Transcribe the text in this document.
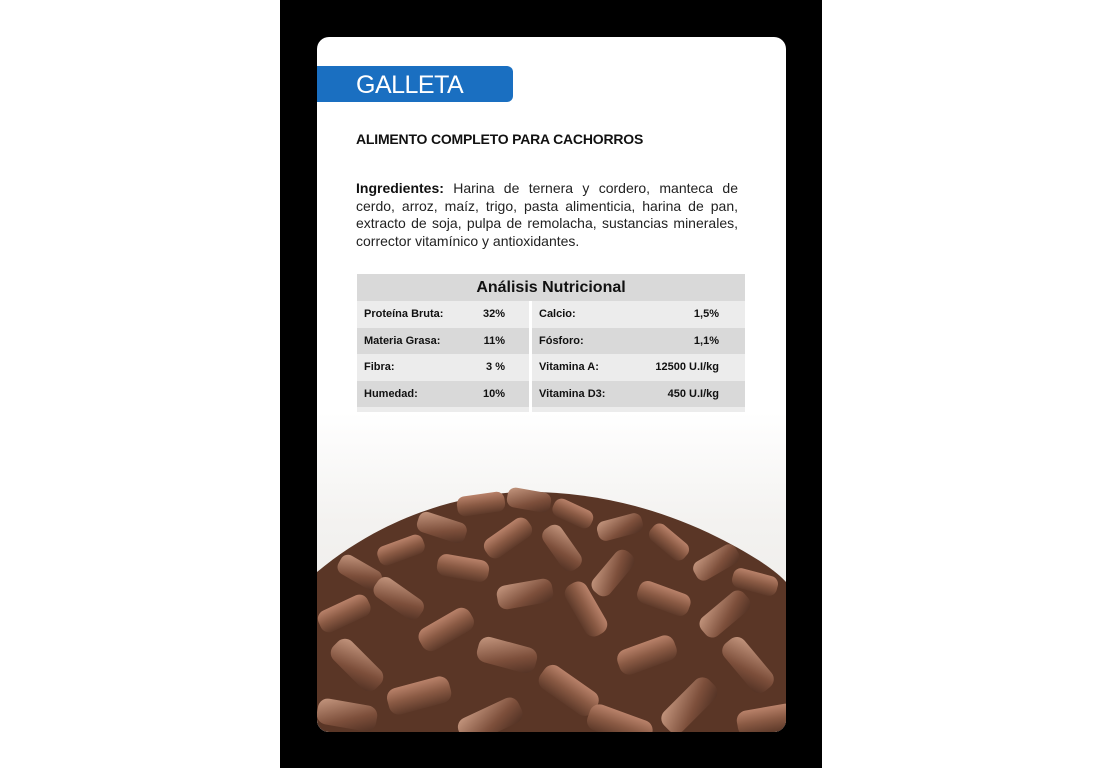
GALLETA PLUS
ALIMENTO COMPLETO PARA CACHORROS
Ingredientes: Harina de ternera y cordero, manteca de cerdo, arroz, maíz, trigo, pasta alimenticia, harina de pan, extracto de soja, pulpa de remolacha, sustancias minerales, corrector vitamínico y antioxidantes.
Análisis Nutricional
Proteína Bruta:	32%
Materia Grasa:	11%
Fibra:	3 %
Humedad:	10%
Calcio:	1,5%
Fósforo:	1,1%
Vitamina A:	12500 U.I/kg
Vitamina D3:	450 U.I/kg
